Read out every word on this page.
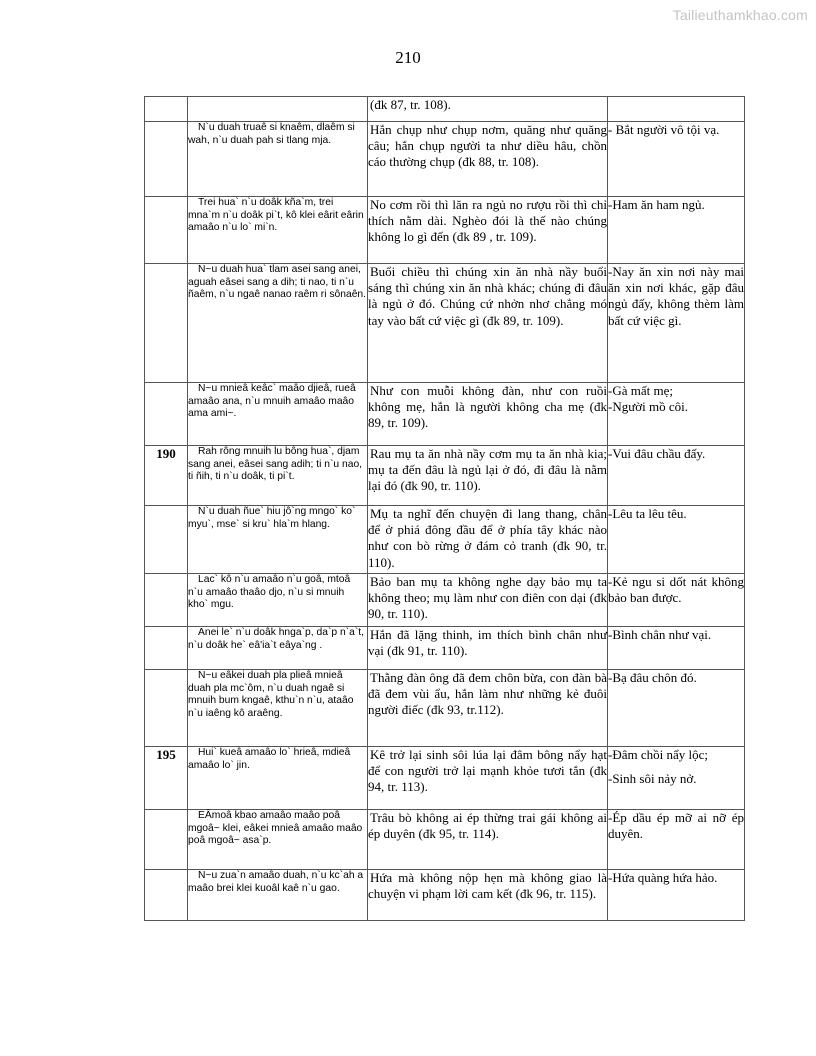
Tailieuthamkhao.com
210
		(đk 87, tr. 108).	
	N`u duah truaê si knaêm, dlaêm si wah, n`u duah pah si tlang mja.	Hắn chụp như chụp nơm, quăng như quăng câu; hắn chụp người ta như diều hâu, chồn cáo thường chụp (đk 88, tr. 108).	- Bắt người vô tội vạ.

	Trei hua` n`u doâk kña`m, trei mna`m n`u doâk pi`t, kô klei eârit eârin amaâo n`u lo` mi`n.	No cơm rồi thì lăn ra ngủ no rượu rồi thì chỉ thích nằm dài. Nghèo đói là thế nào chúng không lo gì đến (đk 89 , tr. 109).	-Ham ăn ham ngủ.

	N~u duah hua` tlam asei sang anei, aguah eâsei sang a dih; ti nao, ti n`u ñaêm, n`u ngaê nanao raêm ri sônaên.	Buổi chiều thì chúng xin ăn nhà nầy buổi sáng thì chúng xin ăn nhà khác; chúng đi đâu là ngủ ở đó. Chúng cứ nhởn nhơ chẳng mó tay vào bất cứ việc gì (đk 89, tr. 109).	-Nay ăn xin nơi này mai ăn xin nơi khác, gặp đâu ngủ đấy, không thèm làm bất cứ việc gì.

	N~u mnieâ keâc` maâo djieâ, rueâ amaâo ana, n`u mnuih amaâo maâo ama ami~.	Như con muỗi không đàn, như con ruồi không mẹ, hắn là người không cha mẹ (đk 89, tr. 109).	-Gà mất mẹ;
-Người mồ côi.

190	Rah rông mnuih lu bông hua`, djam sang anei, eâsei sang adih; ti n`u nao, ti ñih, ti n`u doâk, ti pi`t.	Rau mụ ta ăn nhà nầy cơm mụ ta ăn nhà kia; mụ ta đến đâu là ngủ lại ở đó, đi đâu là nằm lại đó (đk 90, tr. 110).	-Vui đâu chầu đấy.

	N`u duah ñue` hiu jô`ng mngo` ko` myu`, mse` si kru` hla`m hlang.	Mụ ta nghĩ đến chuyện đi lang thang, chân để ở phiá đông đầu để ở phía tây khác nào như con bò rừng ở đám cỏ tranh (đk 90, tr. 110).	-Lêu ta lêu têu.

	Lac` kô n`u amaâo n`u goâ, mtoâ n`u amaâo thaâo djo, n`u si mnuih kho` mgu.	Bảo ban mụ ta không nghe dạy bảo mụ ta không theo; mụ làm như con điên con dại (đk 90, tr. 110).	-Kẻ ngu si dốt nát không bảo ban được.

	Anei le` n`u doâk hnga`p, da`p n`a`t, n`u doâk he` eâ'ia`t eâya`ng .	Hắn đã lặng thinh, im thích bình chân như vại (đk 91, tr. 110).	-Bình chân như vại.

	N~u eâkei duah pla plieâ mnieâ duah pla mc`ôm, n`u duah ngaê si mnuih bum kngaê, kthu`n n`u, ataâo n`u iaêng kô araêng.	Thằng đàn ông đã đem chôn bừa, con đàn bà đã đem vùi ẩu, hắn làm như những kẻ đuôi người điếc (đk 93, tr.112).	-Bạ đâu chôn đó.

195	Hui` kueâ amaâo lo` hrieâ, mdieâ amaâo lo` jin.	Kê trở lại sinh sôi lúa lại đâm bông nẩy hạt để con người trở lại mạnh khỏe tươi tắn (đk 94, tr. 113).	-Đâm chồi nẩy lộc;
-Sinh sôi nảy nở.

	EÂmoâ kbao amaâo maâo poâ mgoâ~ klei, eâkei mnieâ amaâo maâo poâ mgoâ~ asa`p.	Trâu bò không ai ép thừng trai gái không ai ép duyên (đk 95, tr. 114).	-Ép dầu ép mỡ ai nỡ ép duyên.

	N~u zua`n amaâo duah, n`u kc`ah a maâo brei klei kuoâl kaê n`u gao.	Hứa mà không nộp hẹn mà không giao là chuyện vi phạm lời cam kết (đk 96, tr. 115).	-Hứa quàng hứa hảo.
